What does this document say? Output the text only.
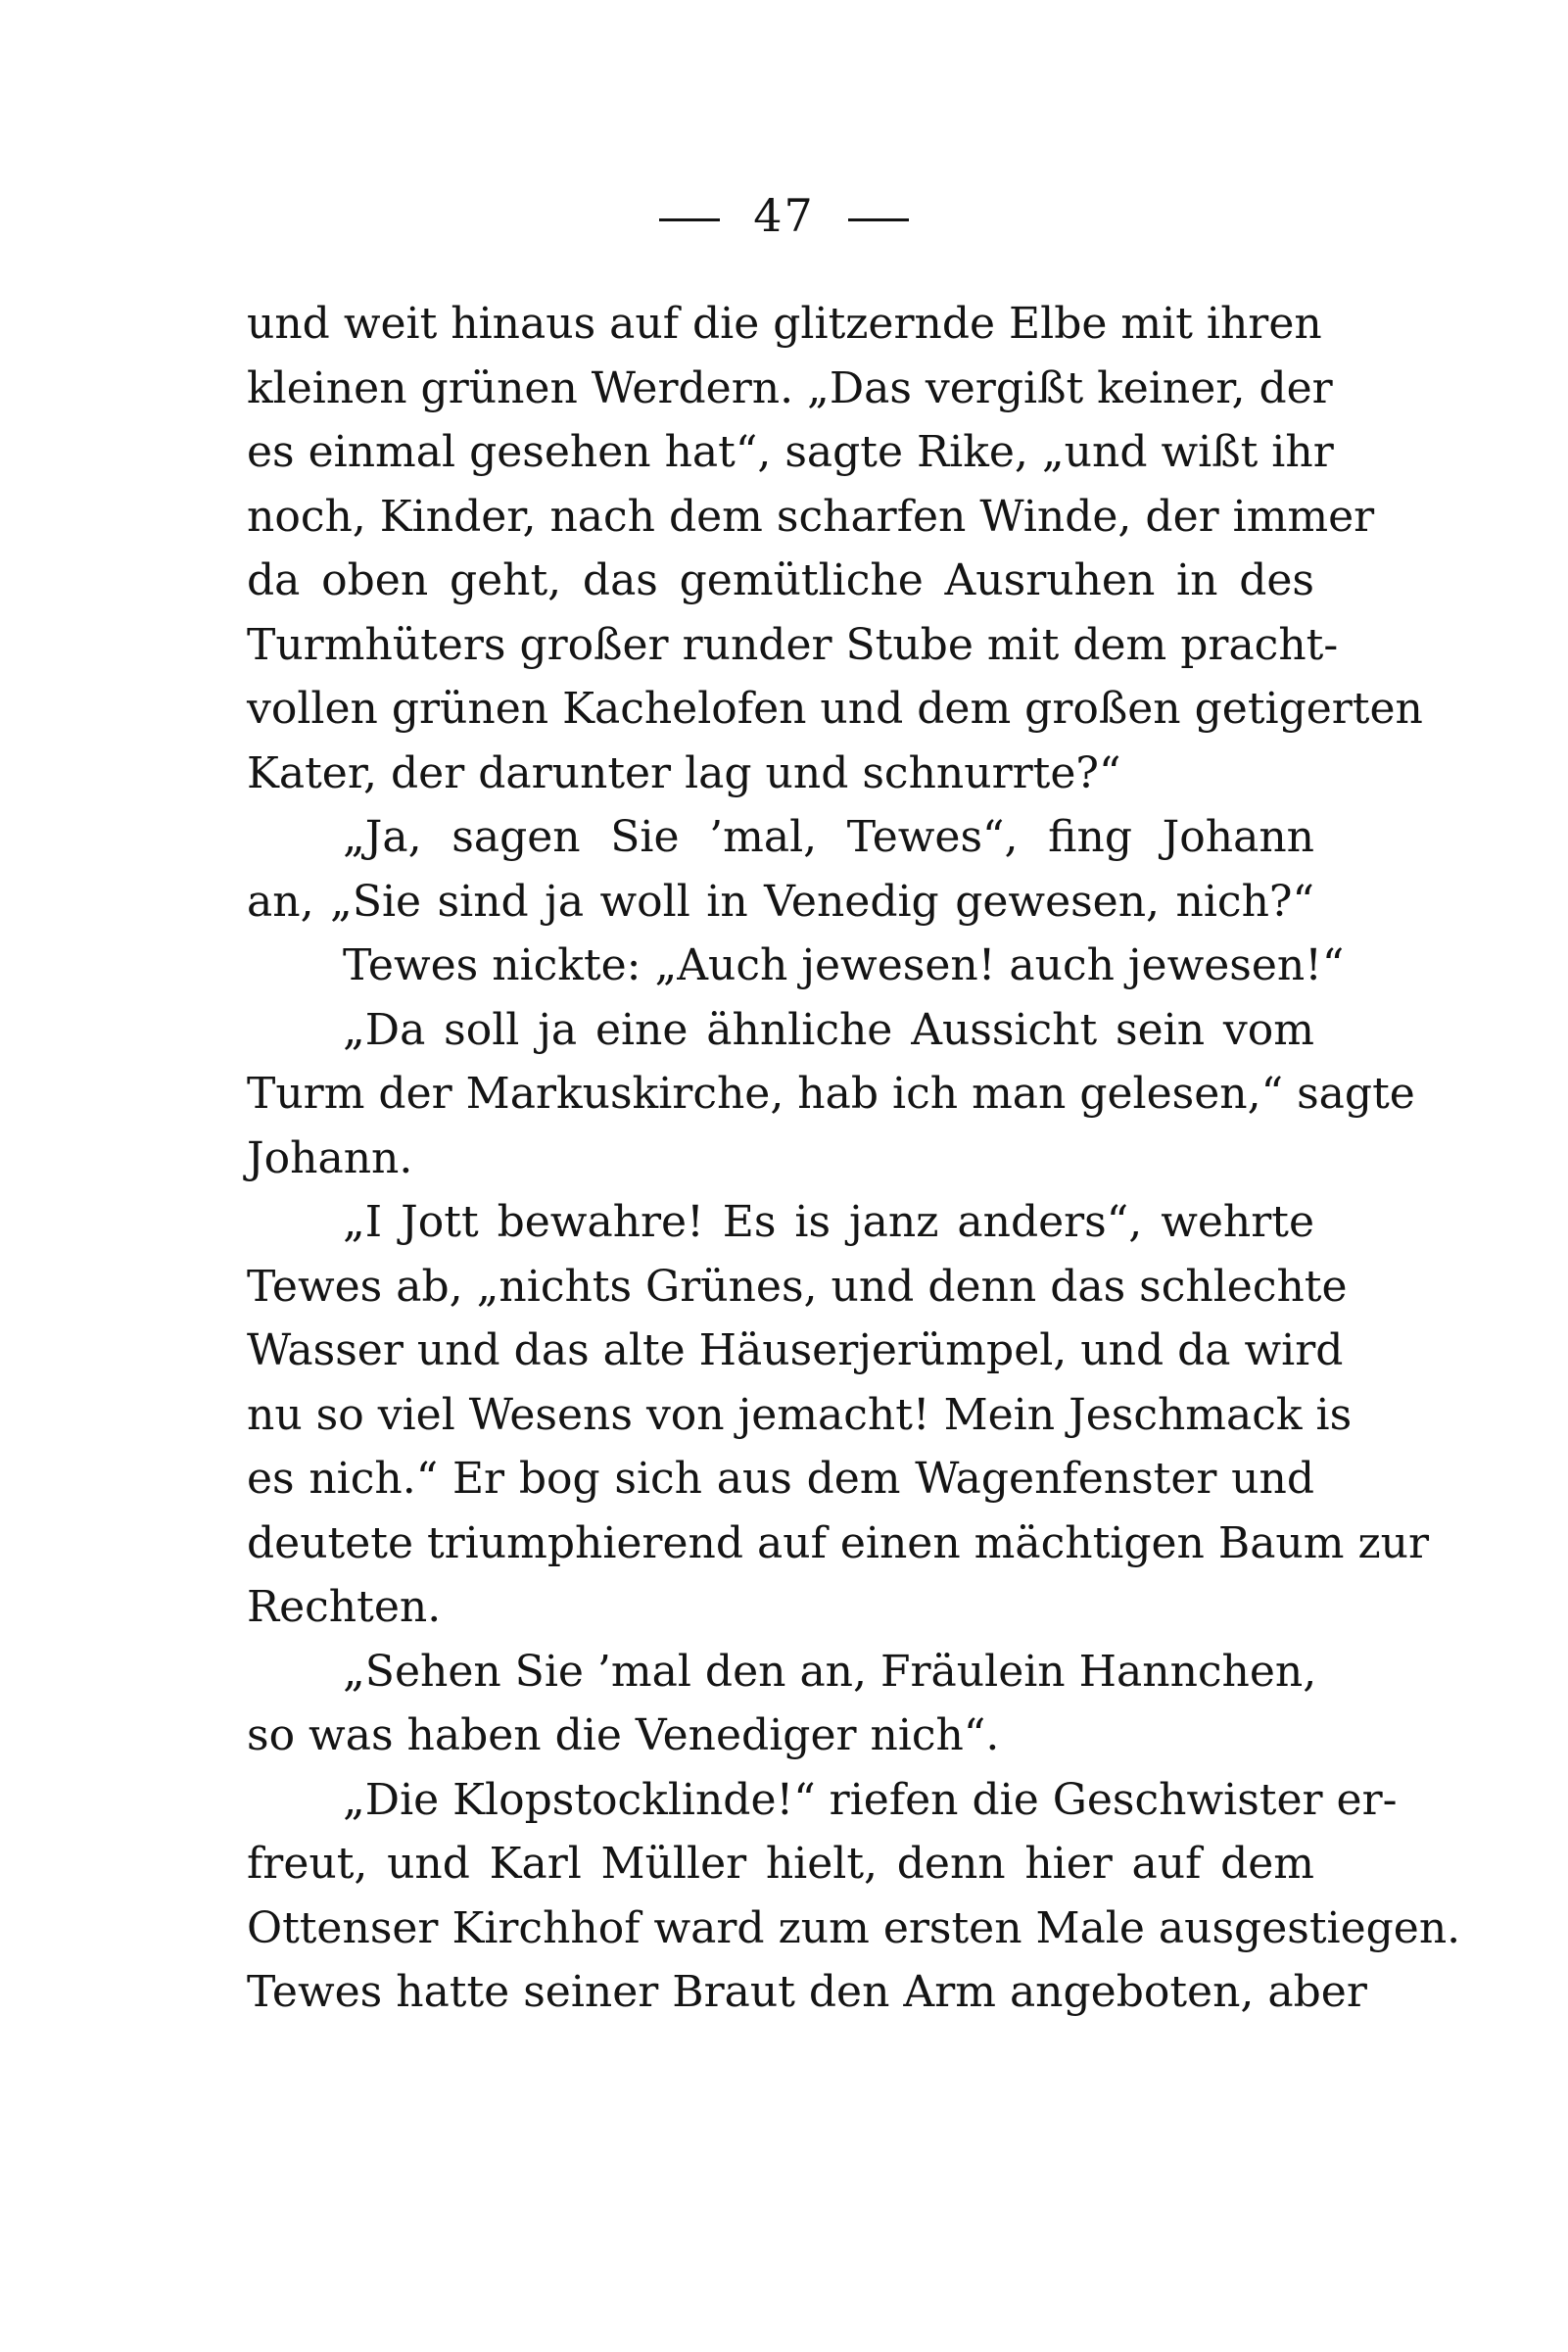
47
und weit hinaus auf die glitzernde Elbe mit ihren
kleinen grünen Werdern. „Das vergißt keiner, der
es einmal gesehen hat“, sagte Rike, „und wißt ihr
noch, Kinder, nach dem scharfen Winde, der immer
da oben geht, das gemütliche Ausruhen in des
Turmhüters großer runder Stube mit dem pracht-
vollen grünen Kachelofen und dem großen getigerten
Kater, der darunter lag und schnurrte?“
„Ja, sagen Sie ’mal, Tewes“, fing Johann
an, „Sie sind ja woll in Venedig gewesen, nich?“
Tewes nickte: „Auch jewesen! auch jewesen!“
„Da soll ja eine ähnliche Aussicht sein vom
Turm der Markuskirche, hab ich man gelesen,“ sagte
Johann.
„I Jott bewahre! Es is janz anders“, wehrte
Tewes ab, „nichts Grünes, und denn das schlechte
Wasser und das alte Häuserjerümpel, und da wird
nu so viel Wesens von jemacht! Mein Jeschmack is
es nich.“ Er bog sich aus dem Wagenfenster und
deutete triumphierend auf einen mächtigen Baum zur
Rechten.
„Sehen Sie ’mal den an, Fräulein Hannchen,
so was haben die Venediger nich“.
„Die Klopstocklinde!“ riefen die Geschwister er-
freut, und Karl Müller hielt, denn hier auf dem
Ottenser Kirchhof ward zum ersten Male ausgestiegen.
Tewes hatte seiner Braut den Arm angeboten, aber
